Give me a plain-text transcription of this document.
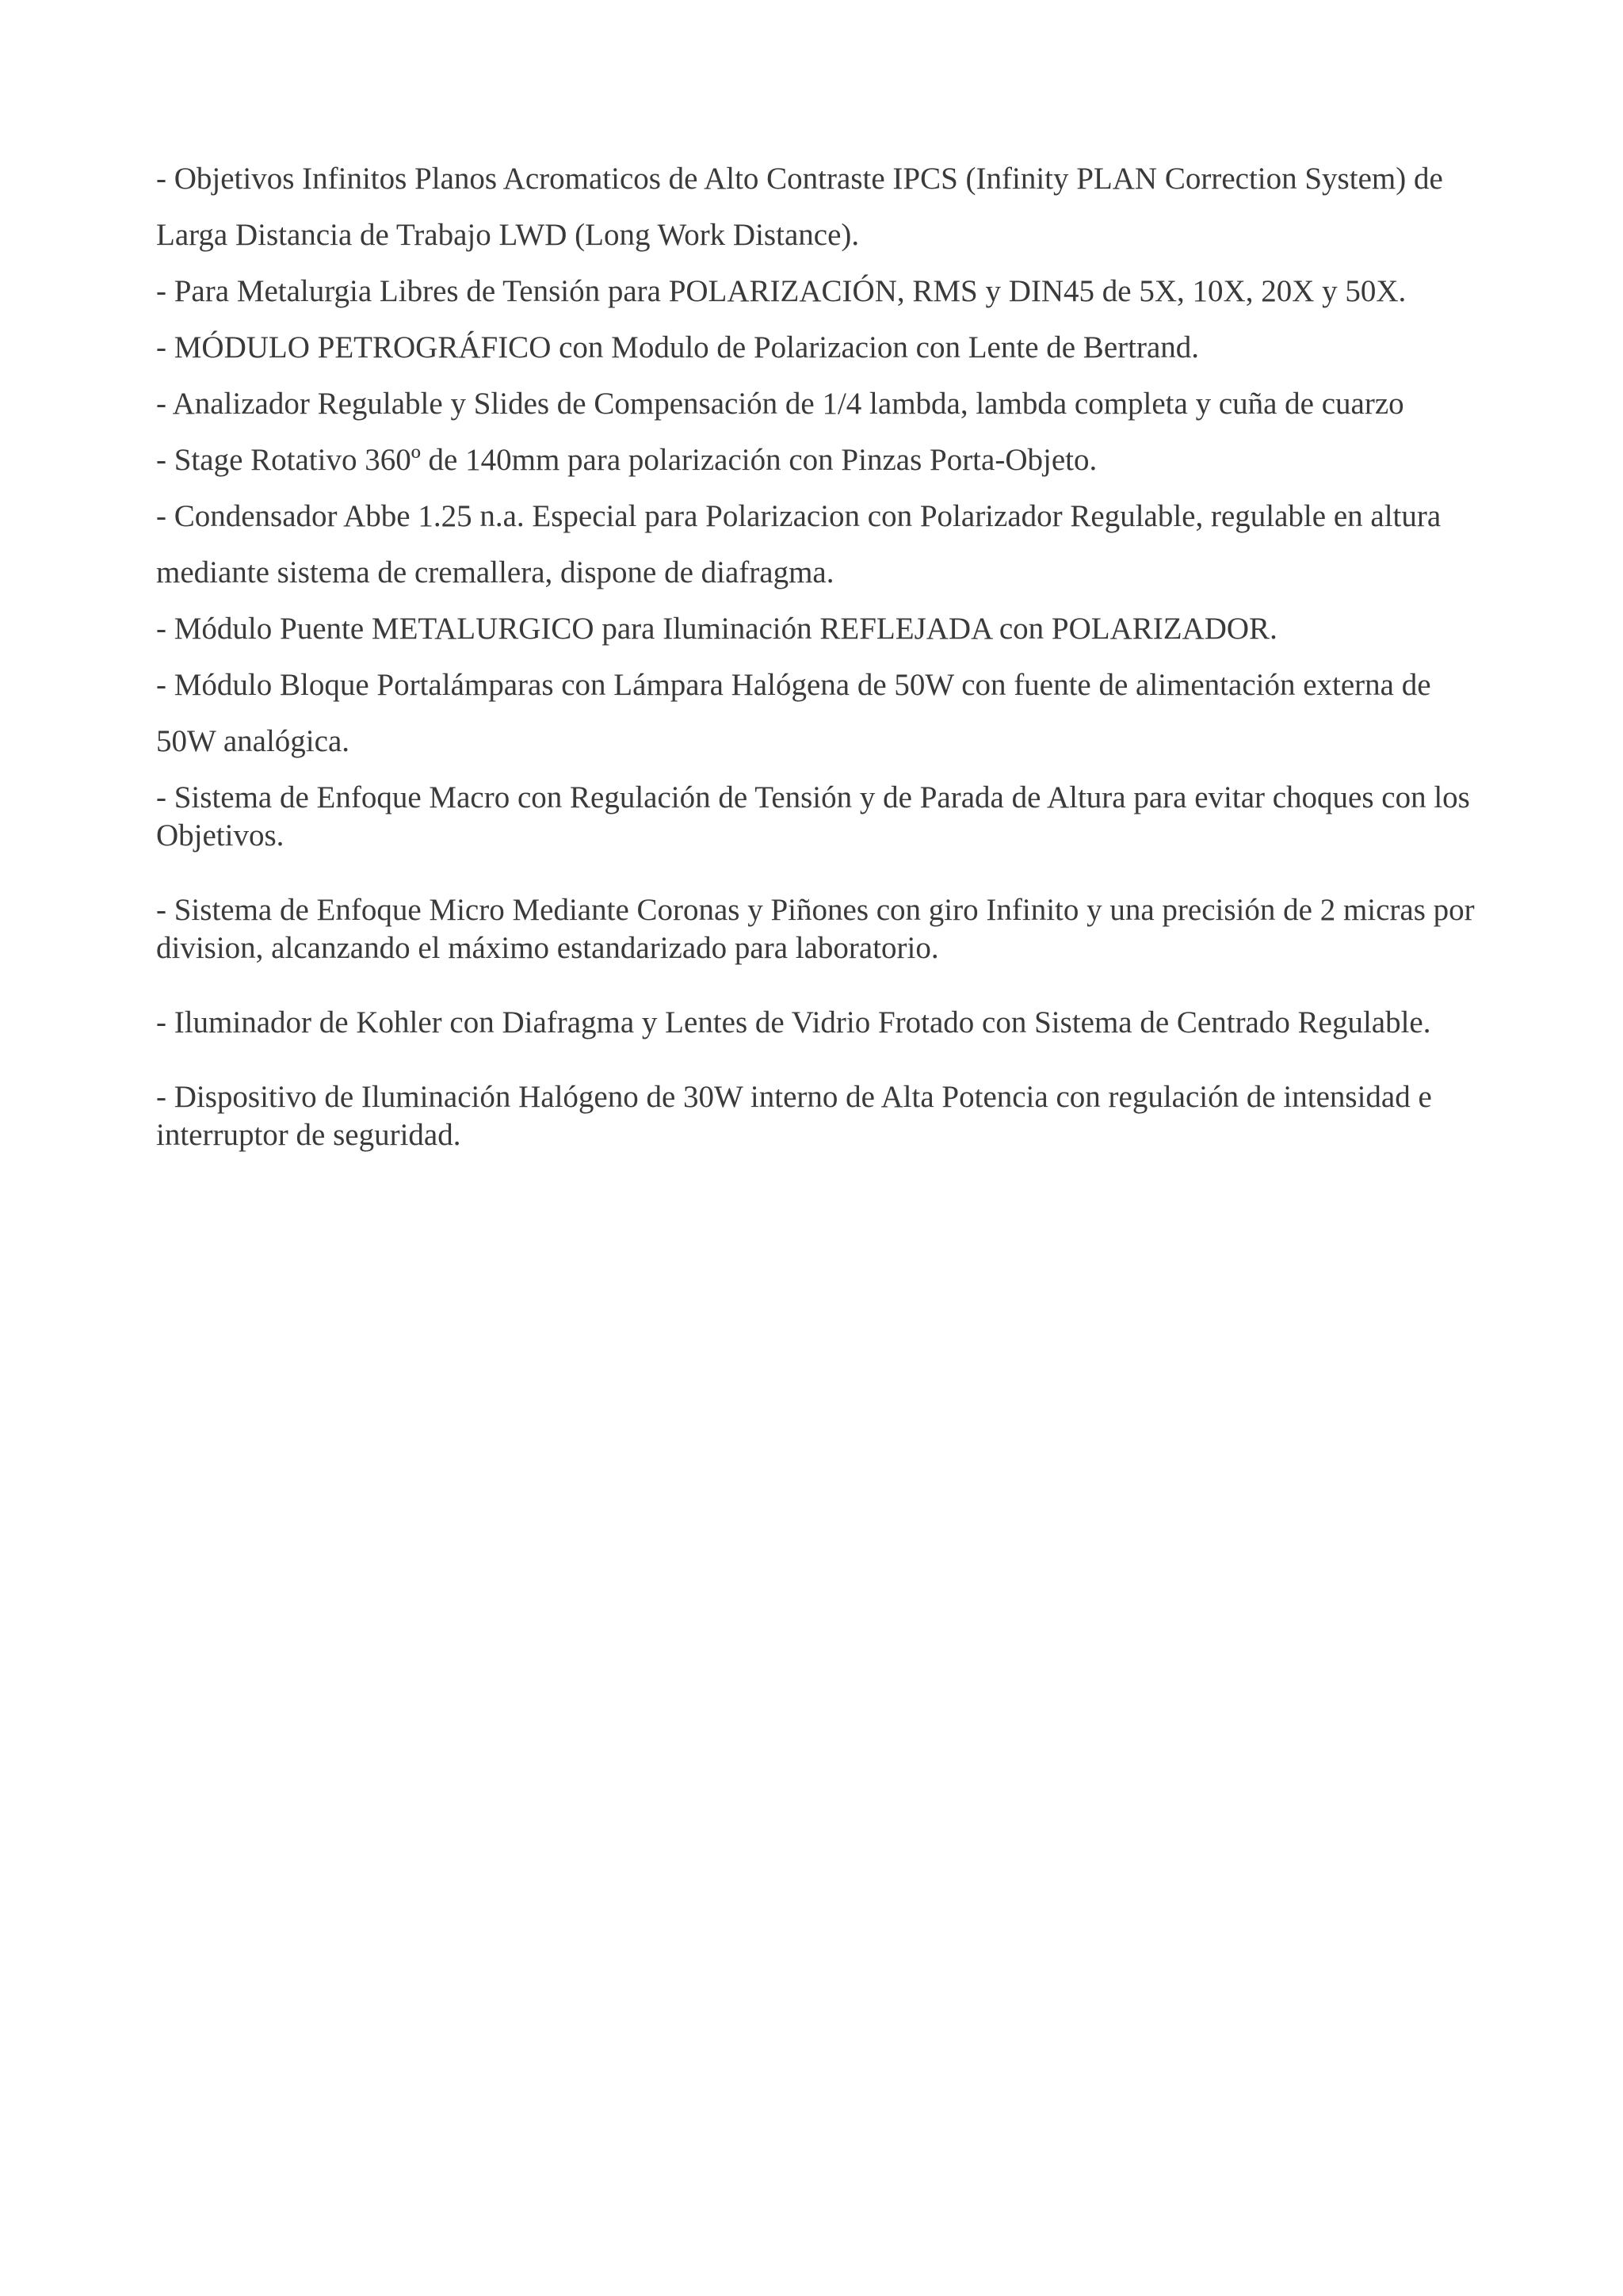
- Objetivos Infinitos Planos Acromaticos de Alto Contraste IPCS (Infinity PLAN Correction System) de Larga Distancia de Trabajo LWD (Long Work Distance).

- Para Metalurgia Libres de Tensión para POLARIZACIÓN, RMS y DIN45 de 5X, 10X, 20X y 50X.

- MÓDULO PETROGRÁFICO con Modulo de Polarizacion con Lente de Bertrand.

- Analizador Regulable y Slides de Compensación de 1/4 lambda, lambda completa y cuña de cuarzo

- Stage Rotativo 360º de 140mm para polarización con Pinzas Porta-Objeto.

- Condensador Abbe 1.25 n.a. Especial para Polarizacion con Polarizador Regulable, regulable en altura mediante sistema de cremallera, dispone de diafragma.

- Módulo Puente METALURGICO para Iluminación REFLEJADA con POLARIZADOR.

- Módulo Bloque Portalámparas con Lámpara Halógena de 50W con fuente de alimentación externa de 50W analógica.

- Sistema de Enfoque Macro con Regulación de Tensión y de Parada de Altura para evitar choques con los Objetivos.

- Sistema de Enfoque Micro Mediante Coronas y Piñones con giro Infinito y una precisión de 2 micras por division, alcanzando el máximo estandarizado para laboratorio.

- Iluminador de Kohler con Diafragma y Lentes de Vidrio Frotado con Sistema de Centrado Regulable.

- Dispositivo de Iluminación Halógeno de 30W interno de Alta Potencia con regulación de intensidad e interruptor de seguridad.
